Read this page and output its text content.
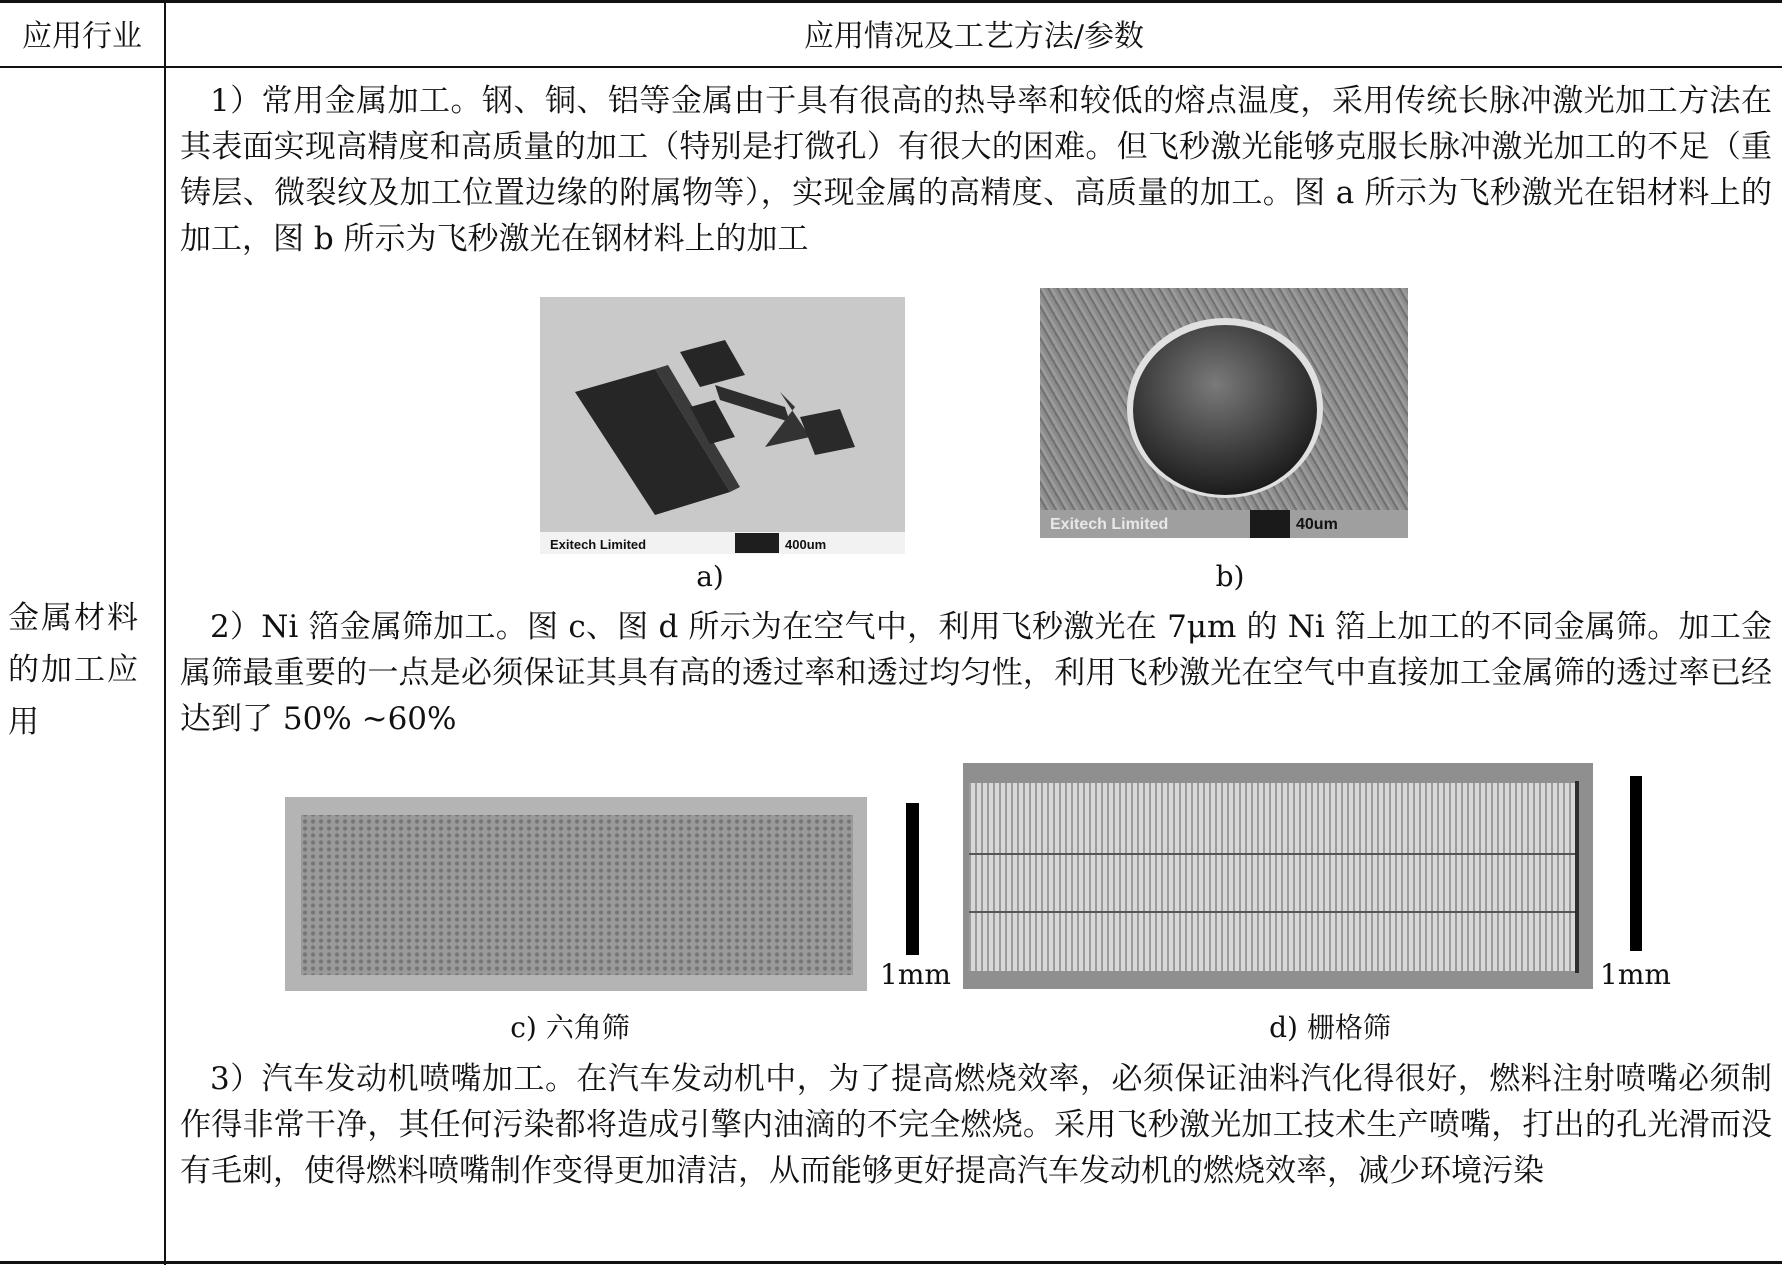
应用行业	应用情况及工艺方法/参数
金属材料的加工应用

1）常用金属加工。钢、铜、铝等金属由于具有很高的热导率和较低的熔点温度，采用传统长脉冲激光加工方法在其表面实现高精度和高质量的加工（特别是打微孔）有很大的困难。但飞秒激光能够克服长脉冲激光加工的不足（重铸层、微裂纹及加工位置边缘的附属物等），实现金属的高精度、高质量的加工。图 a 所示为飞秒激光在铝材料上的加工，图 b 所示为飞秒激光在钢材料上的加工

Exitech Limited	400um
a)
Exitech Limited	40um
b)

2）Ni 箔金属筛加工。图 c、图 d 所示为在空气中，利用飞秒激光在 7μm 的 Ni 箔上加工的不同金属筛。加工金属筛最重要的一点是必须保证其具有高的透过率和透过均匀性，利用飞秒激光在空气中直接加工金属筛的透过率已经达到了 50% ~60%

1mm
c) 六角筛
1mm
d) 栅格筛

3）汽车发动机喷嘴加工。在汽车发动机中，为了提高燃烧效率，必须保证油料汽化得很好，燃料注射喷嘴必须制作得非常干净，其任何污染都将造成引擎内油滴的不完全燃烧。采用飞秒激光加工技术生产喷嘴，打出的孔光滑而没有毛刺，使得燃料喷嘴制作变得更加清洁，从而能够更好提高汽车发动机的燃烧效率，减少环境污染
